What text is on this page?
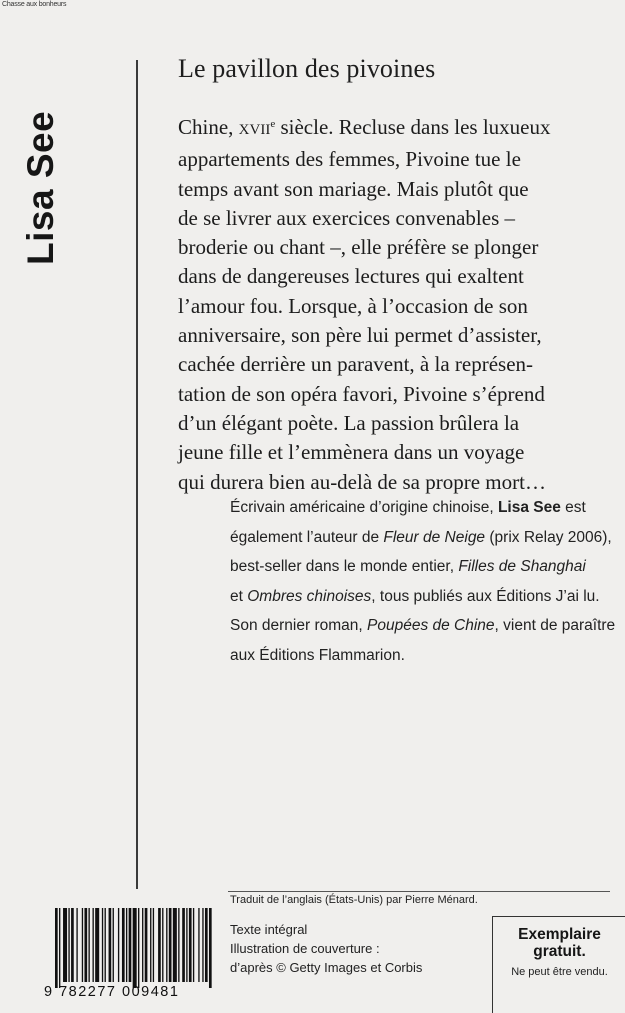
Chasse aux bonheurs
Lisa See
Le pavillon des pivoines
Chine, XVIIe siècle. Recluse dans les luxueux
appartements des femmes, Pivoine tue le
temps avant son mariage. Mais plutôt que
de se livrer aux exercices convenables –
broderie ou chant –, elle préfère se plonger
dans de dangereuses lectures qui exaltent
l’amour fou. Lorsque, à l’occasion de son
anniversaire, son père lui permet d’assister,
cachée derrière un paravent, à la représen-
tation de son opéra favori, Pivoine s’éprend
d’un élégant poète. La passion brûlera la
jeune fille et l’emmènera dans un voyage
qui durera bien au-delà de sa propre mort…
Écrivain américaine d’origine chinoise, Lisa See est
également l’auteur de Fleur de Neige (prix Relay 2006),
best-seller dans le monde entier, Filles de Shanghai
et Ombres chinoises, tous publiés aux Éditions J’ai lu.
Son dernier roman, Poupées de Chine, vient de paraître
aux Éditions Flammarion.
Traduit de l’anglais (États-Unis) par Pierre Ménard.
9 782277 009481
Texte intégral
Illustration de couverture :
d’après © Getty Images et Corbis
Exemplaire
gratuit.
Ne peut être vendu.
